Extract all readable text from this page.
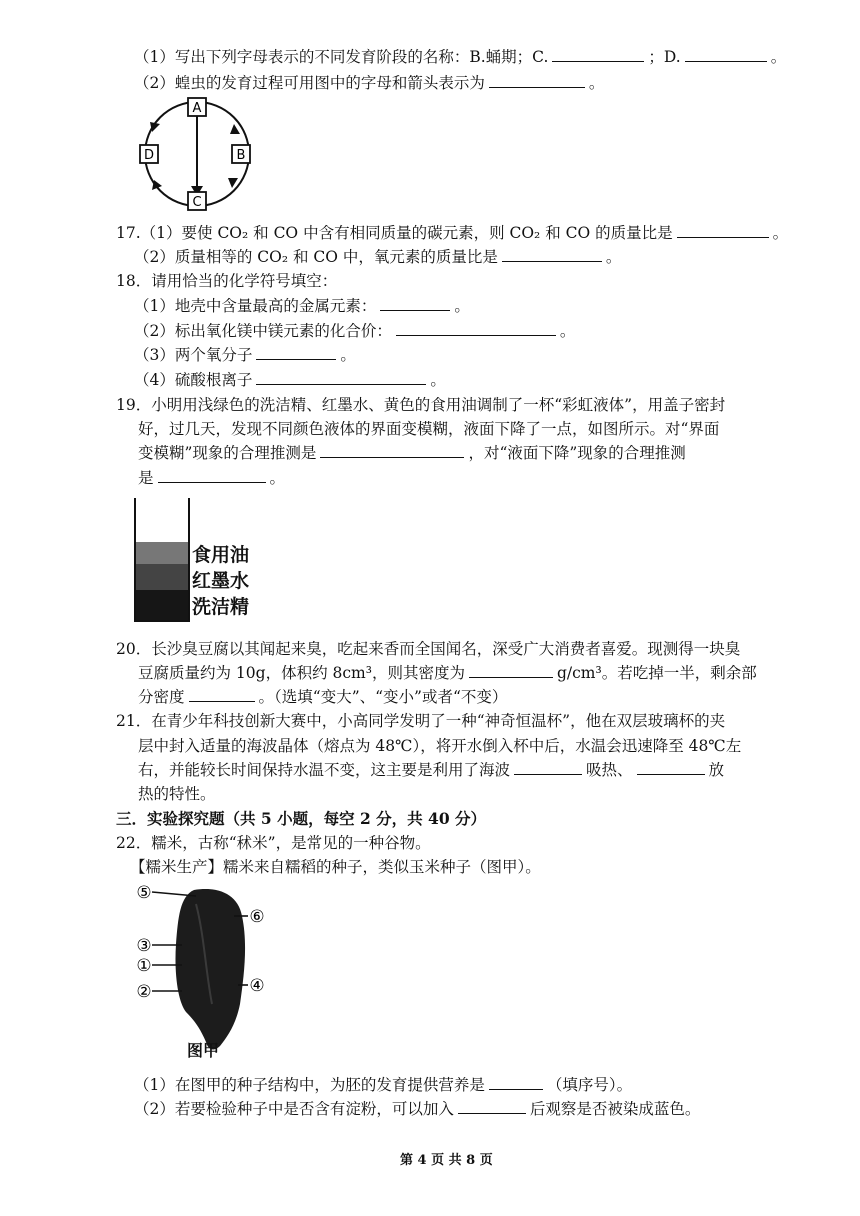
（1）写出下列字母表示的不同发育阶段的名称：B.蛹期；C.	；D.	。
（2）蝗虫的发育过程可用图中的字母和箭头表示为	。
A
B
C
D
17.（1）要使 CO₂ 和 CO 中含有相同质量的碳元素，则 CO₂ 和 CO 的质量比是	。
（2）质量相等的 CO₂ 和 CO 中，氧元素的质量比是	。
18．请用恰当的化学符号填空：
（1）地壳中含量最高的金属元素：	。
（2）标出氧化镁中镁元素的化合价：	。
（3）两个氧分子	。
（4）硫酸根离子	。
19．小明用浅绿色的洗洁精、红墨水、黄色的食用油调制了一杯“彩虹液体”，用盖子密封
好，过几天，发现不同颜色液体的界面变模糊，液面下降了一点，如图所示。对“界面
变模糊”现象的合理推测是	，对“液面下降”现象的合理推测
是	。
食用油
红墨水
洗洁精
20．长沙臭豆腐以其闻起来臭，吃起来香而全国闻名，深受广大消费者喜爱。现测得一块臭
豆腐质量约为 10g，体积约 8cm³，则其密度为	g/cm³。若吃掉一半，剩余部
分密度	。（选填“变大”、“变小”或者“不变）
21．在青少年科技创新大赛中，小高同学发明了一种“神奇恒温杯”，他在双层玻璃杯的夹
层中封入适量的海波晶体（熔点为 48℃），将开水倒入杯中后，水温会迅速降至 48℃左
右，并能较长时间保持水温不变，这主要是利用了海波	吸热、	放
热的特性。
三．实验探究题（共 5 小题，每空 2 分，共 40 分）
22．糯米，古称“秫米”，是常见的一种谷物。
【糯米生产】糯米来自糯稻的种子，类似玉米种子（图甲）。
⑤
⑥
③
①
②	④
图甲
（1）在图甲的种子结构中，为胚的发育提供营养是	（填序号）。
（2）若要检验种子中是否含有淀粉，可以加入	后观察是否被染成蓝色。
第 4 页 共 8 页
